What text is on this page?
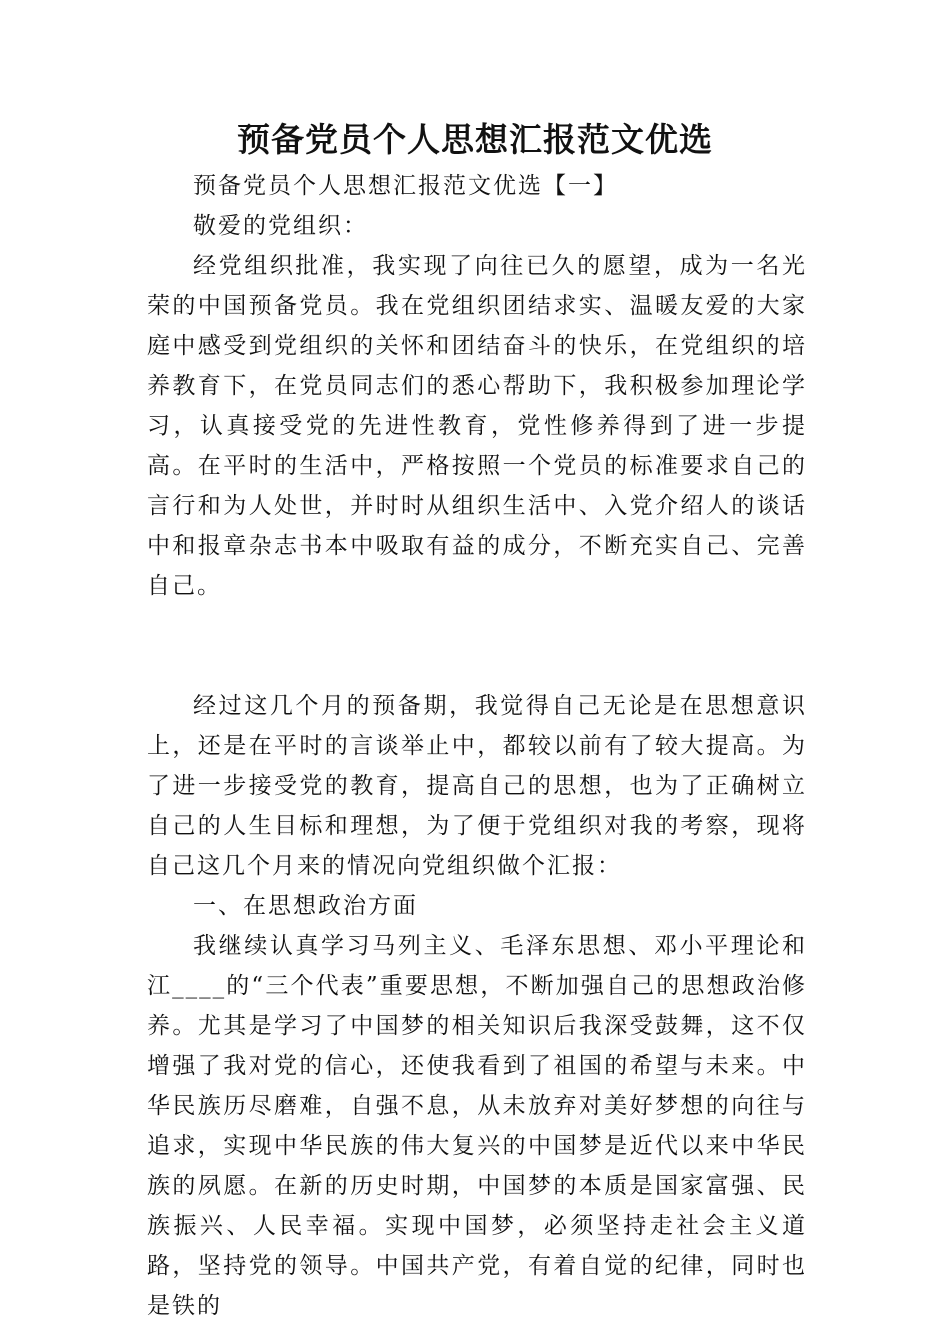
预备党员个人思想汇报范文优选

预备党员个人思想汇报范文优选【一】

敬爱的党组织：

经党组织批准，我实现了向往已久的愿望，成为一名光荣的中国预备党员。我在党组织团结求实、温暖友爱的大家庭中感受到党组织的关怀和团结奋斗的快乐，在党组织的培养教育下，在党员同志们的悉心帮助下，我积极参加理论学习，认真接受党的先进性教育，党性修养得到了进一步提高。在平时的生活中，严格按照一个党员的标准要求自己的言行和为人处世，并时时从组织生活中、入党介绍人的谈话中和报章杂志书本中吸取有益的成分，不断充实自己、完善自己。

经过这几个月的预备期，我觉得自己无论是在思想意识上，还是在平时的言谈举止中，都较以前有了较大提高。为了进一步接受党的教育，提高自己的思想，也为了正确树立自己的人生目标和理想，为了便于党组织对我的考察，现将自己这几个月来的情况向党组织做个汇报：

一、在思想政治方面

我继续认真学习马列主义、毛泽东思想、邓小平理论和江____的“三个代表”重要思想，不断加强自己的思想政治修养。尤其是学习了中国梦的相关知识后我深受鼓舞，这不仅增强了我对党的信心，还使我看到了祖国的希望与未来。中华民族历尽磨难，自强不息，从未放弃对美好梦想的向往与追求，实现中华民族的伟大复兴的中国梦是近代以来中华民族的夙愿。在新的历史时期，中国梦的本质是国家富强、民族振兴、人民幸福。实现中国梦，必须坚持走社会主义道路，坚持党的领导。中国共产党，有着自觉的纪律，同时也是铁的
